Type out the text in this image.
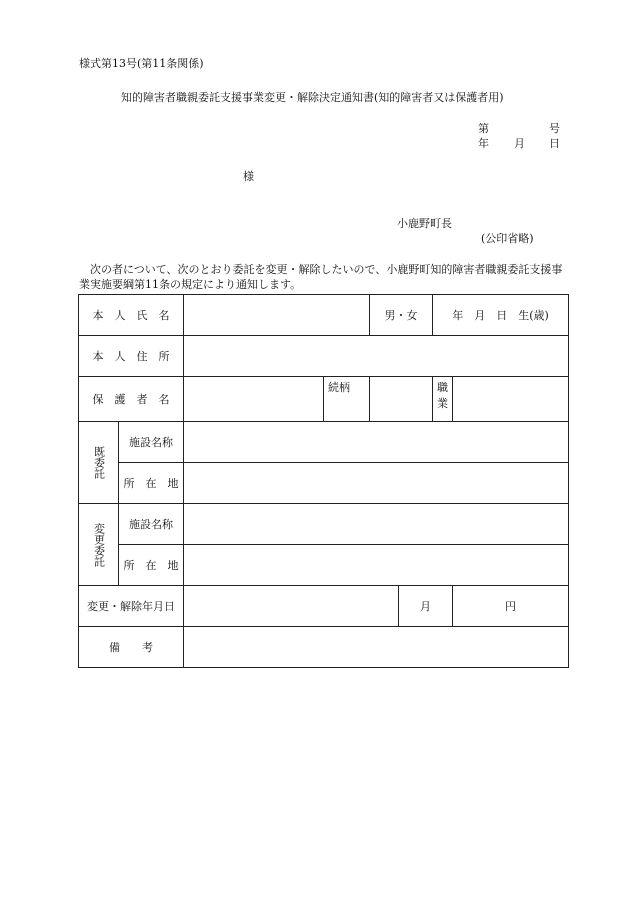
様式第13号(第11条関係)
知的障害者職親委託支援事業変更・解除決定通知書(知的障害者又は保護者用)
第	号
年 月 日
様
小鹿野町長
(公印省略)
　次の者について、次のとおり委託を変更・解除したいので、小鹿野町知的障害者職親委託支援事業実施要綱第11条の規定により通知します。
本　人　氏　名				男・女		年　月　日　生(歳)	
本　人　住　所							
保　護　者　名			続柄			職業	

既委託	施設名称						
	所　在　地						

変更委託	施設名称						
	所　在　地						
変更・解除年月日					月		円
備　　考							
